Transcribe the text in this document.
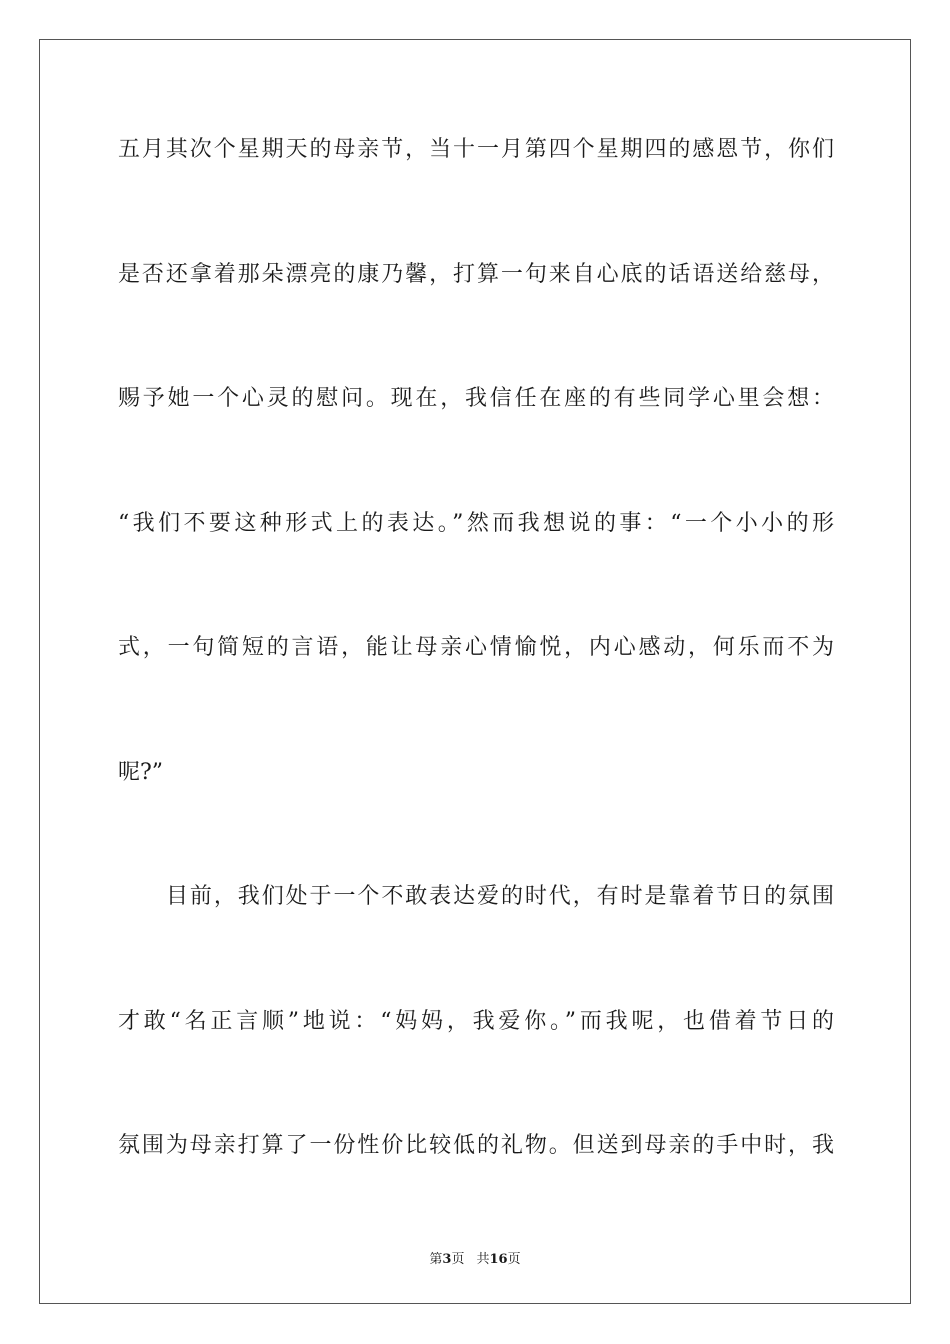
五月其次个星期天的母亲节，当十一月第四个星期四的感恩节，你们
是否还拿着那朵漂亮的康乃馨，打算一句来自心底的话语送给慈母，
赐予她一个心灵的慰问。现在，我信任在座的有些同学心里会想：
“我们不要这种形式上的表达。”然而我想说的事：“一个小小的形
式，一句简短的言语，能让母亲心情愉悦，内心感动，何乐而不为
呢?”
目前，我们处于一个不敢表达爱的时代，有时是靠着节日的氛围
才敢“名正言顺”地说：“妈妈，我爱你。”而我呢，也借着节日的
氛围为母亲打算了一份性价比较低的礼物。但送到母亲的手中时，我
第3页 共16页
